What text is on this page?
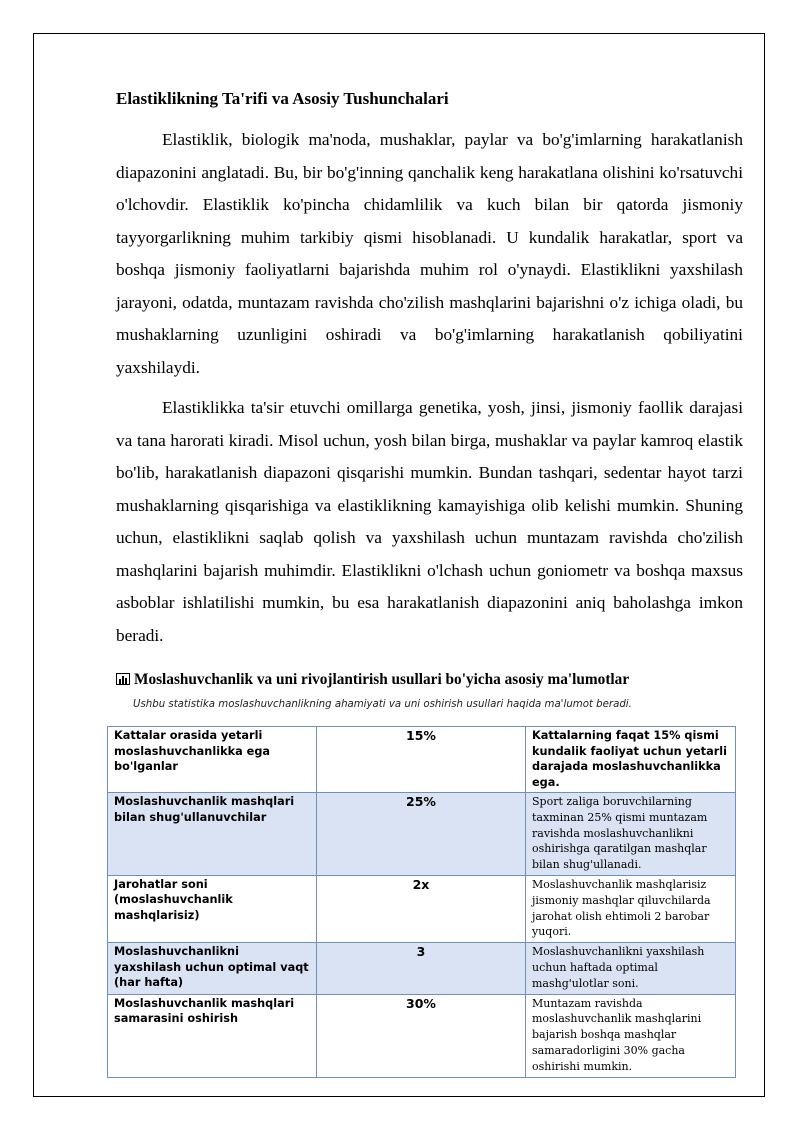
Elastiklikning Ta'rifi va Asosiy Tushunchalari

Elastiklik, biologik ma'noda, mushaklar, paylar va bo'g'imlarning harakatlanish diapazonini anglatadi. Bu, bir bo'g'inning qanchalik keng harakatlana olishini ko'rsatuvchi o'lchovdir. Elastiklik ko'pincha chidamlilik va kuch bilan bir qatorda jismoniy tayyorgarlikning muhim tarkibiy qismi hisoblanadi. U kundalik harakatlar, sport va boshqa jismoniy faoliyatlarni bajarishda muhim rol o'ynaydi. Elastiklikni yaxshilash jarayoni, odatda, muntazam ravishda cho'zilish mashqlarini bajarishni o'z ichiga oladi, bu mushaklarning uzunligini oshiradi va bo'g'imlarning harakatlanish qobiliyatini yaxshilaydi.

Elastiklikka ta'sir etuvchi omillarga genetika, yosh, jinsi, jismoniy faollik darajasi va tana harorati kiradi. Misol uchun, yosh bilan birga, mushaklar va paylar kamroq elastik bo'lib, harakatlanish diapazoni qisqarishi mumkin. Bundan tashqari, sedentar hayot tarzi mushaklarning qisqarishiga va elastiklikning kamayishiga olib kelishi mumkin. Shuning uchun, elastiklikni saqlab qolish va yaxshilash uchun muntazam ravishda cho'zilish mashqlarini bajarish muhimdir. Elastiklikni o'lchash uchun goniometr va boshqa maxsus asboblar ishlatilishi mumkin, bu esa harakatlanish diapazonini aniq baholashga imkon beradi.

Moslashuvchanlik va uni rivojlantirish usullari bo'yicha asosiy ma'lumotlar
Ushbu statistika moslashuvchanlikning ahamiyati va uni oshirish usullari haqida ma'lumot beradi.
Kattalar orasida yetarli moslashuvchanlikka ega bo'lganlar	15%	Kattalarning faqat 15% qismi kundalik faoliyat uchun yetarli darajada moslashuvchanlikka ega.
Moslashuvchanlik mashqlari bilan shug'ullanuvchilar	25%	Sport zaliga boruvchilarning taxminan 25% qismi muntazam ravishda moslashuvchanlikni oshirishga qaratilgan mashqlar bilan shug'ullanadi.
Jarohatlar soni (moslashuvchanlik mashqlarisiz)	2x	Moslashuvchanlik mashqlarisiz jismoniy mashqlar qiluvchilarda jarohat olish ehtimoli 2 barobar yuqori.
Moslashuvchanlikni yaxshilash uchun optimal vaqt (har hafta)	3	Moslashuvchanlikni yaxshilash uchun haftada optimal mashg'ulotlar soni.
Moslashuvchanlik mashqlari samarasini oshirish	30%	Muntazam ravishda moslashuvchanlik mashqlarini bajarish boshqa mashqlar samaradorligini 30% gacha oshirishi mumkin.
